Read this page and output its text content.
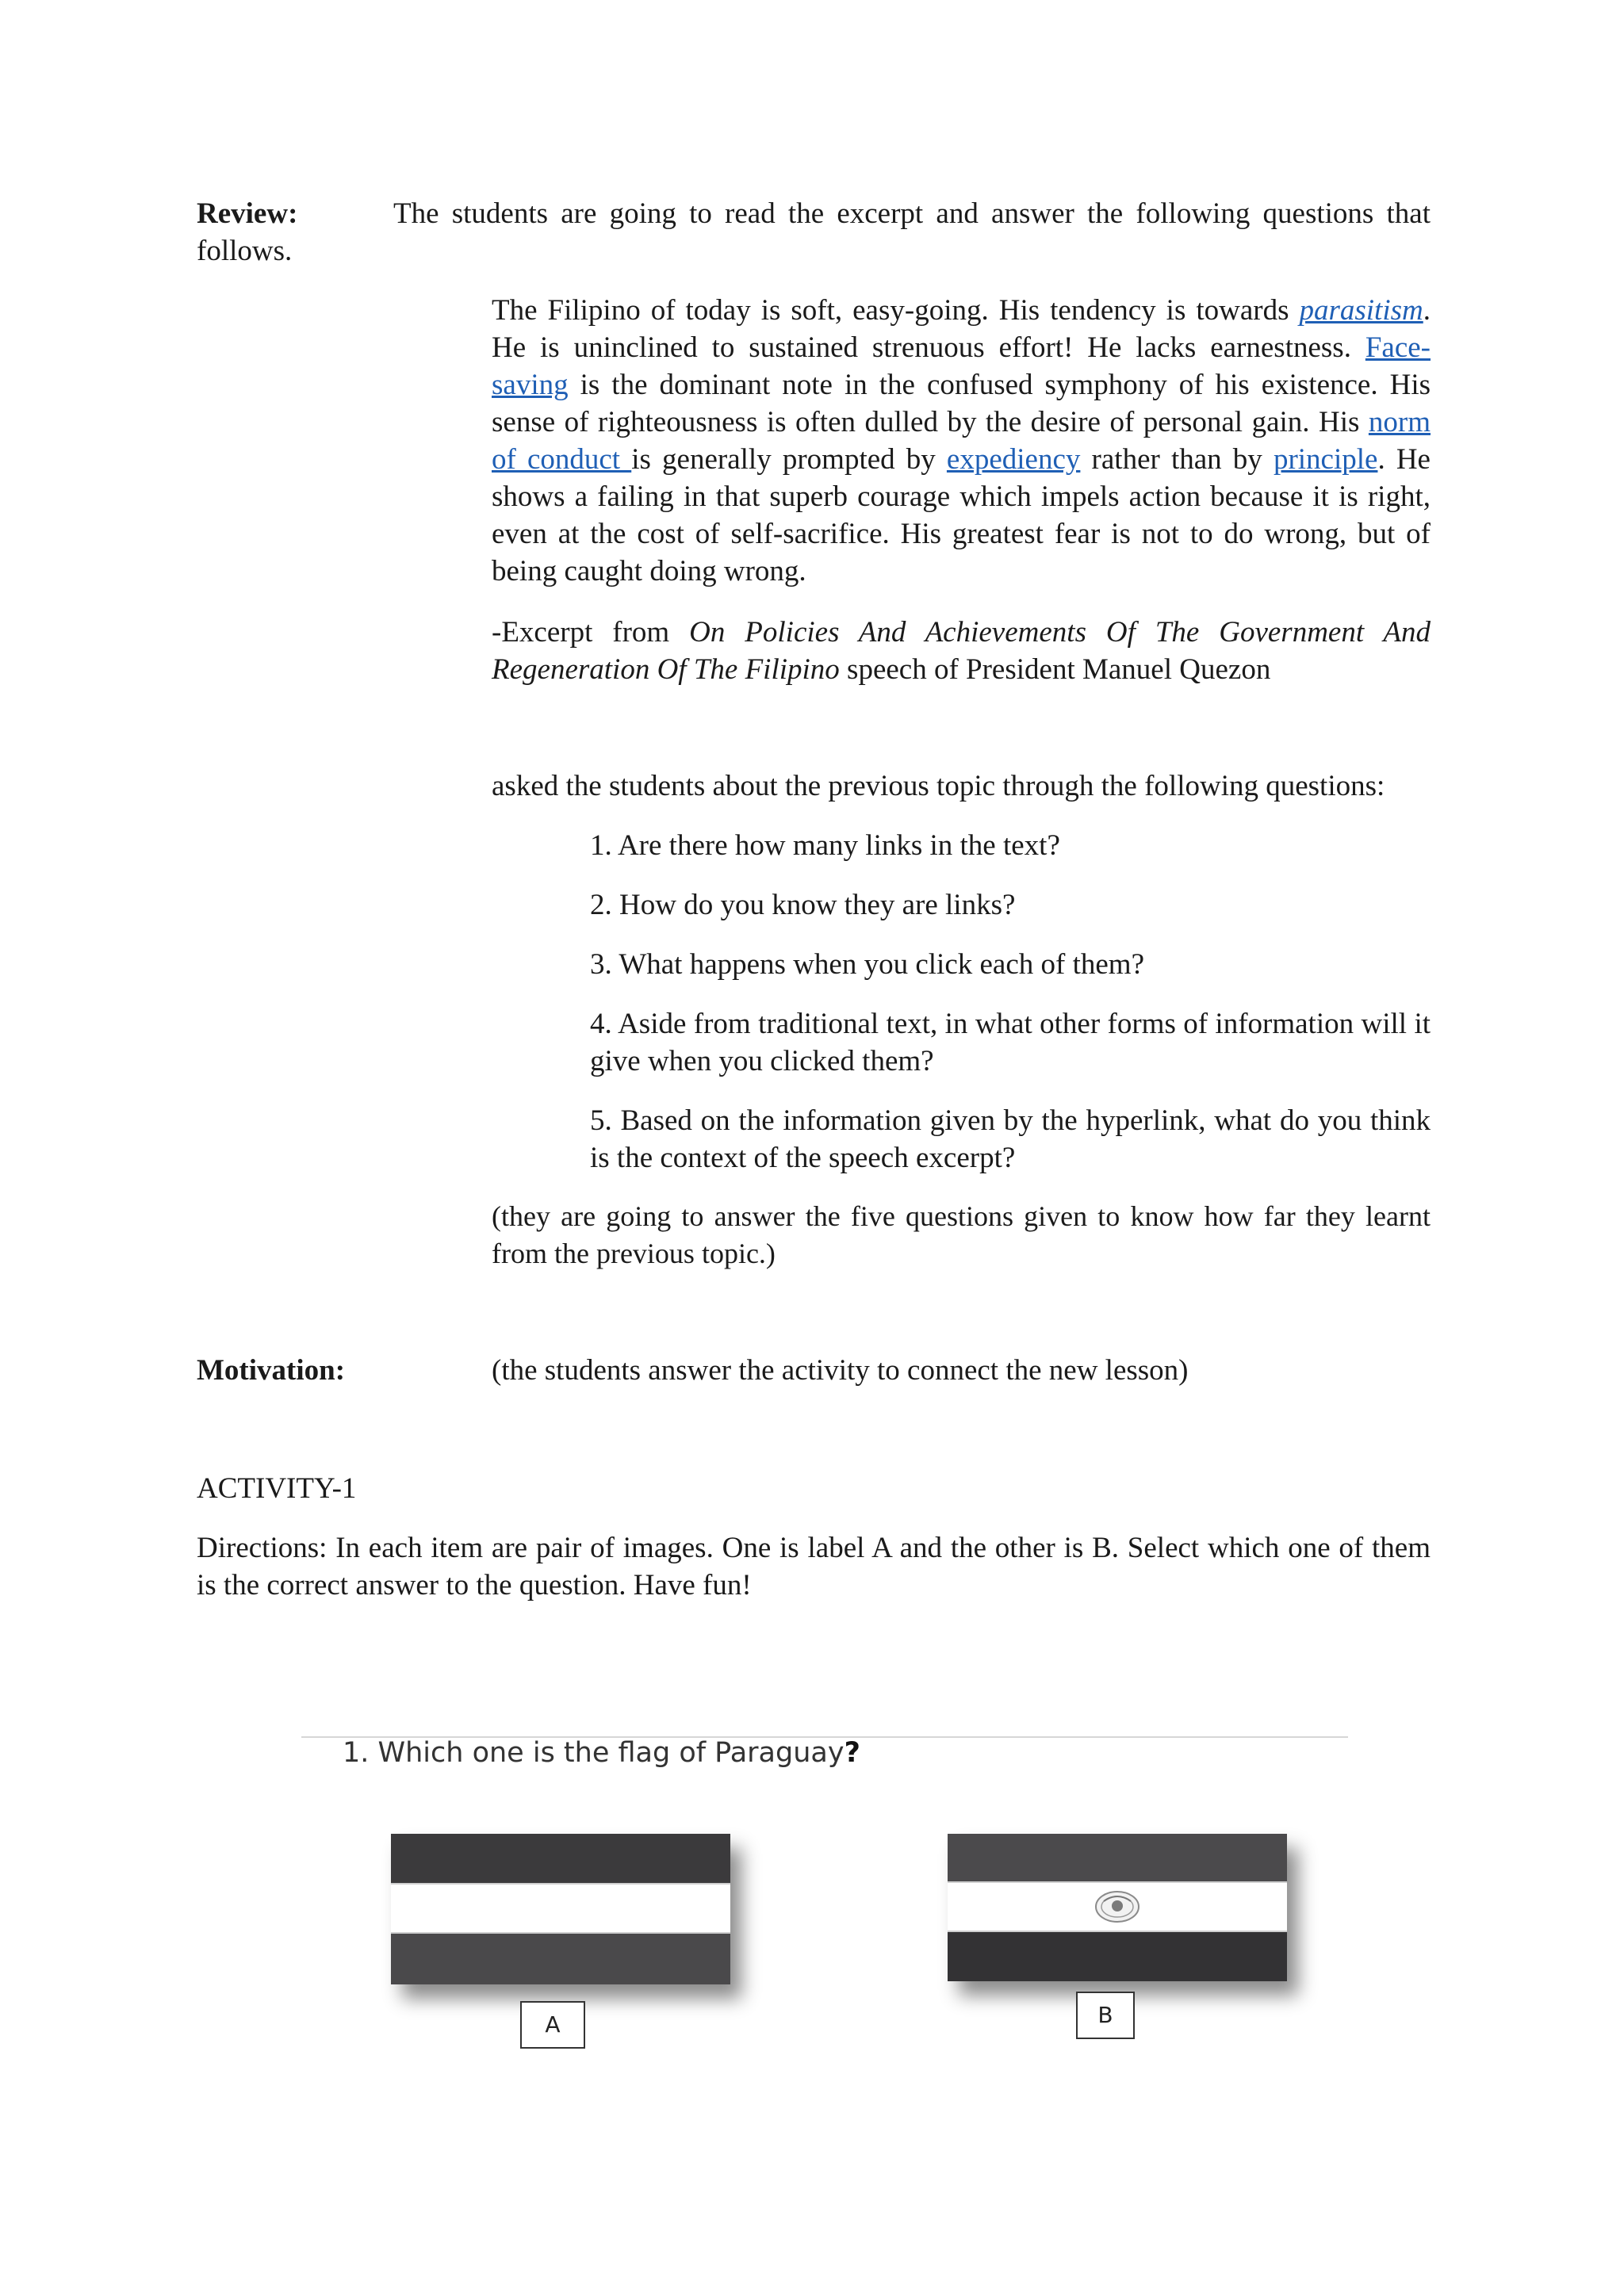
Review:	The students are going to read the excerpt and answer the following questions that
follows.
The Filipino of today is soft, easy-going. His tendency is towards parasitism. He is uninclined to sustained strenuous effort! He lacks earnestness. Face-saving is the dominant note in the confused symphony of his existence. His sense of righteousness is often dulled by the desire of personal gain. His norm of conduct is generally prompted by expediency rather than by principle. He shows a failing in that superb courage which impels action because it is right, even at the cost of self-sacrifice. His greatest fear is not to do wrong, but of being caught doing wrong.
-Excerpt from On Policies And Achievements Of The Government And Regeneration Of The Filipino speech of President Manuel Quezon
asked the students about the previous topic through the following questions:
1. Are there how many links in the text?
2. How do you know they are links?
3. What happens when you click each of them?
4. Aside from traditional text, in what other forms of information will it give when you clicked them?
5. Based on the information given by the hyperlink, what do you think is the context of the speech excerpt?
(they are going to answer the five questions given to know how far they learnt from the previous topic.)
Motivation:	(the students answer the activity to connect the new lesson)
ACTIVITY-1
Directions: In each item are pair of images. One is label A and the other is B. Select which one of them is the correct answer to the question. Have fun!
1. Which one is the flag of Paraguay?
A	B
